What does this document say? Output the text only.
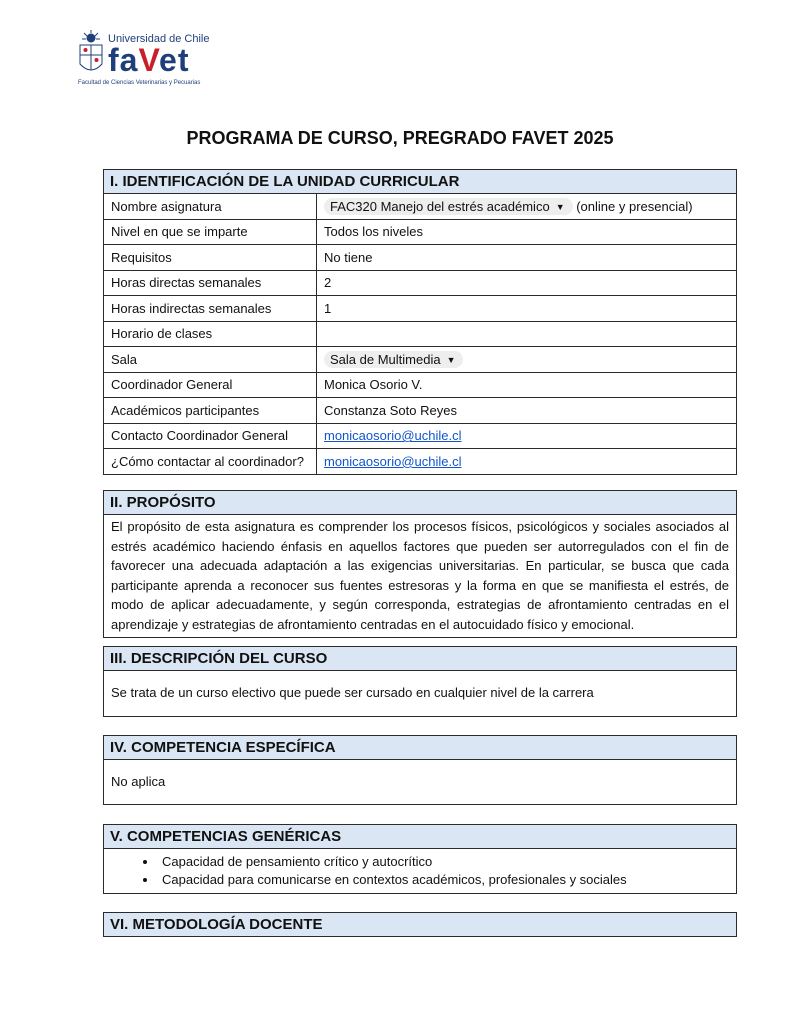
Universidad de Chile
faVet
Facultad de Ciencias Veterinarias y Pecuarias
PROGRAMA DE CURSO, PREGRADO FAVET 2025
I. IDENTIFICACIÓN DE LA UNIDAD CURRICULAR
Nombre asignatura	FAC320 Manejo del estrés académico ▼ (online y presencial)
Nivel en que se imparte	Todos los niveles
Requisitos	No tiene
Horas directas semanales	2
Horas indirectas semanales	1
Horario de clases	
Sala	Sala de Multimedia ▼
Coordinador General	Monica Osorio V.
Académicos participantes	Constanza Soto Reyes
Contacto Coordinador General	monicaosorio@uchile.cl
¿Cómo contactar al coordinador?	monicaosorio@uchile.cl
II. PROPÓSITO
El propósito de esta asignatura es comprender los procesos físicos, psicológicos y sociales asociados al estrés académico haciendo énfasis en aquellos factores que pueden ser autorregulados con el fin de favorecer una adecuada adaptación a las exigencias universitarias. En particular, se busca que cada participante aprenda a reconocer sus fuentes estresoras y la forma en que se manifiesta el estrés, de modo de aplicar adecuadamente, y según corresponda, estrategias de afrontamiento centradas en el aprendizaje y estrategias de afrontamiento centradas en el autocuidado físico y emocional.
III. DESCRIPCIÓN DEL CURSO
Se trata de un curso electivo que puede ser cursado en cualquier nivel de la carrera
IV. COMPETENCIA ESPECÍFICA
No aplica
V. COMPETENCIAS GENÉRICAS
• Capacidad de pensamiento crítico y autocrítico
• Capacidad para comunicarse en contextos académicos, profesionales y sociales
VI. METODOLOGÍA DOCENTE
